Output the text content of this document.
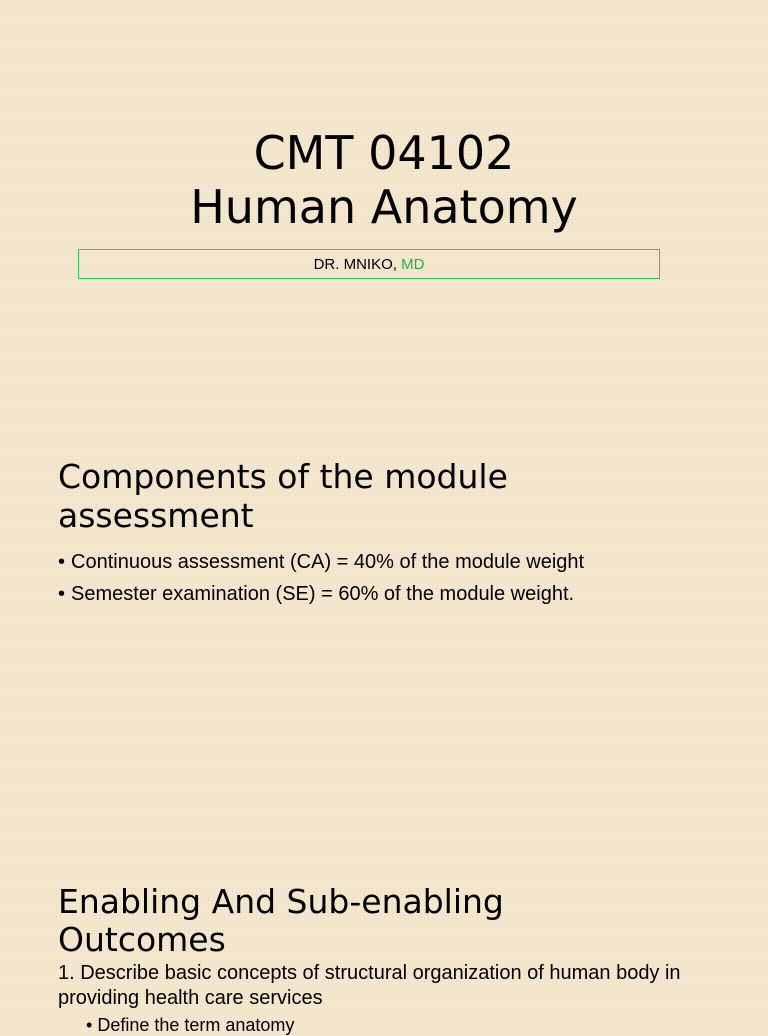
CMT 04102
Human Anatomy
DR. MNIKO, MD
Components of the module
assessment
• Continuous assessment (CA) = 40% of the module weight
• Semester examination (SE) = 60% of the module weight.
Enabling And Sub-enabling
Outcomes
1. Describe basic concepts of structural organization of human body in
providing health care services
• Define the term anatomy
